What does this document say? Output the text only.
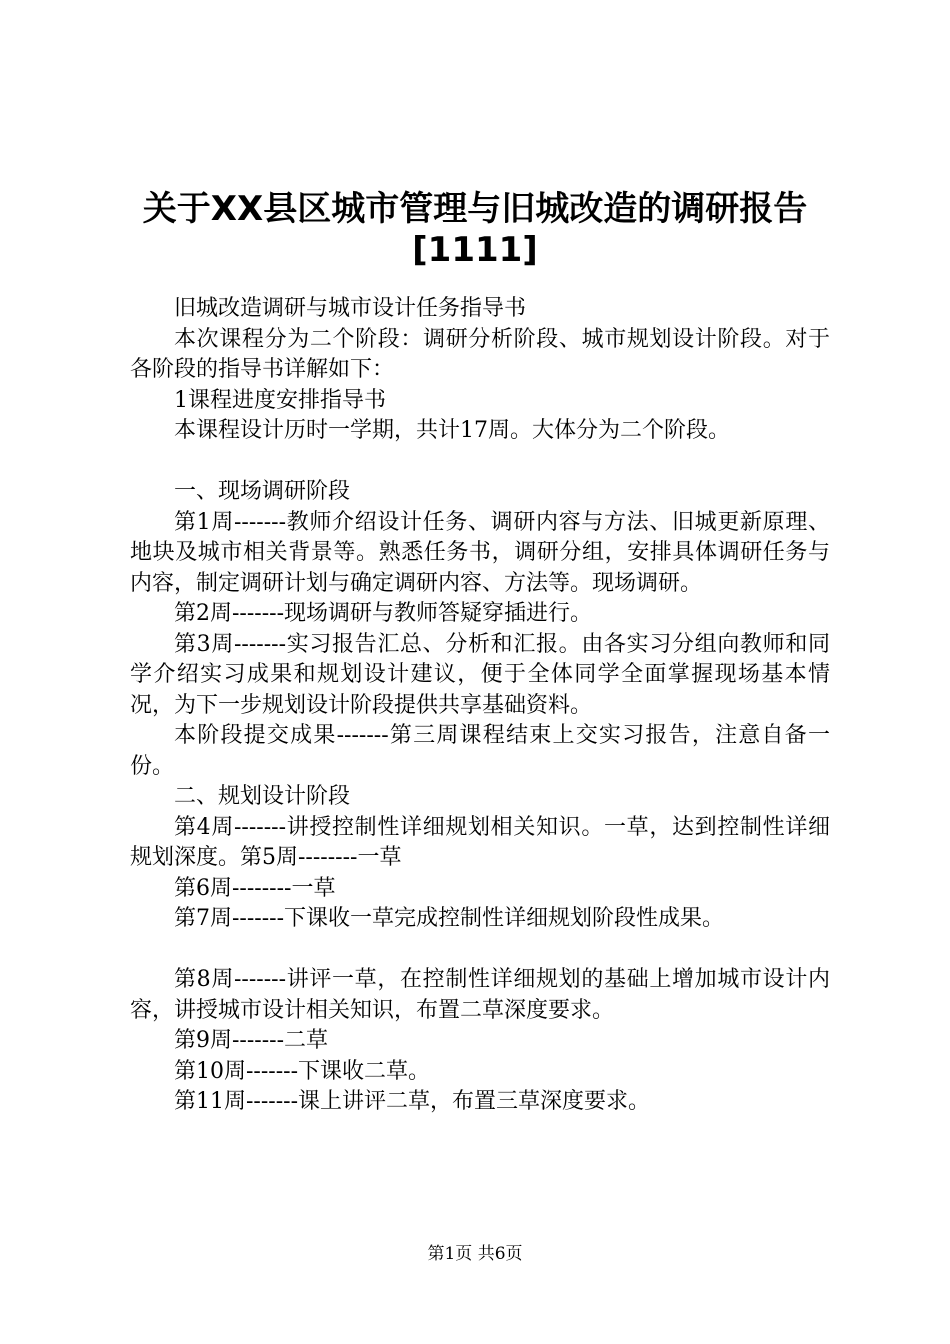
关于XX县区城市管理与旧城改造的调研报告
[1111]

旧城改造调研与城市设计任务指导书

本次课程分为二个阶段：调研分析阶段、城市规划设计阶段。对于各阶段的指导书详解如下：

1课程进度安排指导书

本课程设计历时一学期，共计17周。大体分为二个阶段。

一、现场调研阶段

第1周-------教师介绍设计任务、调研内容与方法、旧城更新原理、地块及城市相关背景等。熟悉任务书，调研分组，安排具体调研任务与内容，制定调研计划与确定调研内容、方法等。现场调研。

第2周-------现场调研与教师答疑穿插进行。

第3周-------实习报告汇总、分析和汇报。由各实习分组向教师和同学介绍实习成果和规划设计建议，便于全体同学全面掌握现场基本情况，为下一步规划设计阶段提供共享基础资料。

本阶段提交成果-------第三周课程结束上交实习报告，注意自备一份。

二、规划设计阶段

第4周-------讲授控制性详细规划相关知识。一草，达到控制性详细规划深度。第5周--------一草

第6周--------一草

第7周-------下课收一草完成控制性详细规划阶段性成果。

第8周-------讲评一草，在控制性详细规划的基础上增加城市设计内容，讲授城市设计相关知识，布置二草深度要求。

第9周-------二草

第10周-------下课收二草。

第11周-------课上讲评二草，布置三草深度要求。

第1页 共6页
